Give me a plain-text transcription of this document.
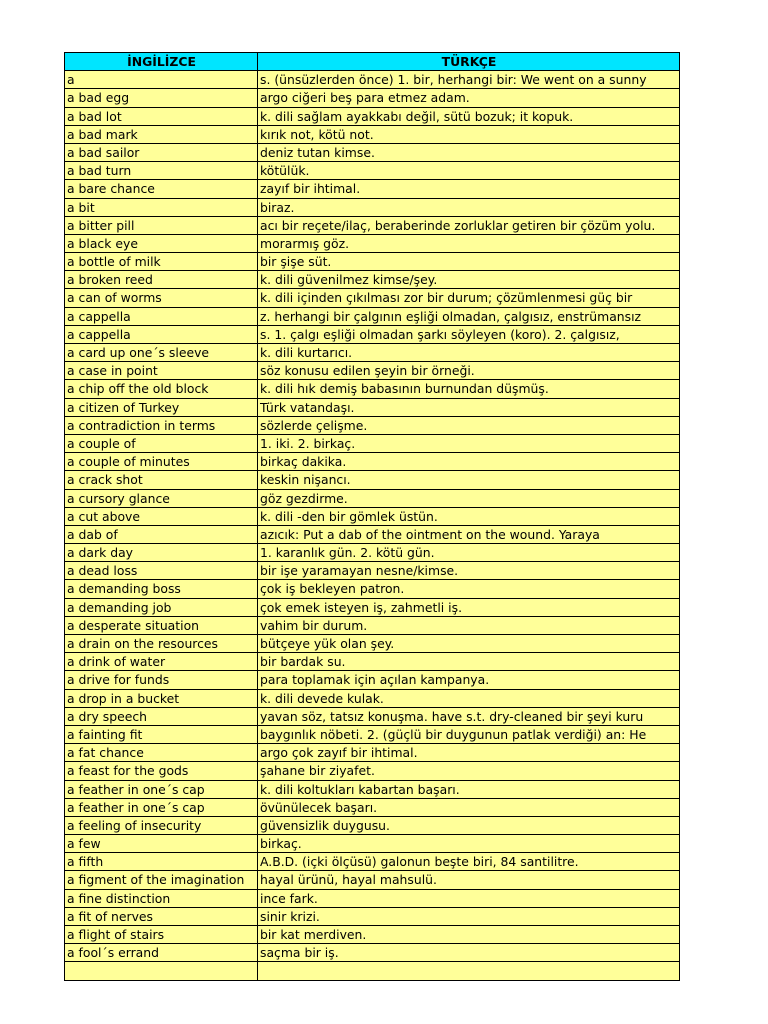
İNGİLİZCE	TÜRKÇE
a	s. (ünsüzlerden önce) 1. bir, herhangi bir: We went on a sunny
a bad egg	argo ciğeri beş para etmez adam.
a bad lot	k. dili sağlam ayakkabı değil, sütü bozuk; it kopuk.
a bad mark	kırık not, kötü not.
a bad sailor	deniz tutan kimse.
a bad turn	kötülük.
a bare chance	zayıf bir ihtimal.
a bit	biraz.
a bitter pill	acı bir reçete/ilaç, beraberinde zorluklar getiren bir çözüm yolu.
a black eye	morarmış göz.
a bottle of milk	bir şişe süt.
a broken reed	k. dili güvenilmez kimse/şey.
a can of worms	k. dili içinden çıkılması zor bir durum; çözümlenmesi güç bir
a cappella	z. herhangi bir çalgının eşliği olmadan, çalgısız, enstrümansız
a cappella	s. 1. çalgı eşliği olmadan şarkı söyleyen (koro). 2. çalgısız,
a card up one´s sleeve	k. dili kurtarıcı.
a case in point	söz konusu edilen şeyin bir örneği.
a chip off the old block	k. dili hık demiş babasının burnundan düşmüş.
a citizen of Turkey	Türk vatandaşı.
a contradiction in terms	sözlerde çelişme.
a couple of	1. iki. 2. birkaç.
a couple of minutes	birkaç dakika.
a crack shot	keskin nişancı.
a cursory glance	göz gezdirme.
a cut above	k. dili -den bir gömlek üstün.
a dab of	azıcık: Put a dab of the ointment on the wound. Yaraya
a dark day	1. karanlık gün. 2. kötü gün.
a dead loss	bir işe yaramayan nesne/kimse.
a demanding boss	çok iş bekleyen patron.
a demanding job	çok emek isteyen iş, zahmetli iş.
a desperate situation	vahim bir durum.
a drain on the resources	bütçeye yük olan şey.
a drink of water	bir bardak su.
a drive for funds	para toplamak için açılan kampanya.
a drop in a bucket	k. dili devede kulak.
a dry speech	yavan söz, tatsız konuşma. have s.t. dry-cleaned bir şeyi kuru
a fainting fit	baygınlık nöbeti. 2. (güçlü bir duygunun patlak verdiği) an: He
a fat chance	argo çok zayıf bir ihtimal.
a feast for the gods	şahane bir ziyafet.
a feather in one´s cap	k. dili koltukları kabartan başarı.
a feather in one´s cap	övünülecek başarı.
a feeling of insecurity	güvensizlik duygusu.
a few	birkaç.
a fifth	A.B.D. (içki ölçüsü) galonun beşte biri, 84 santilitre.
a figment of the imagination	hayal ürünü, hayal mahsulü.
a fine distinction	ince fark.
a fit of nerves	sinir krizi.
a flight of stairs	bir kat merdiven.
a fool´s errand	saçma bir iş.
